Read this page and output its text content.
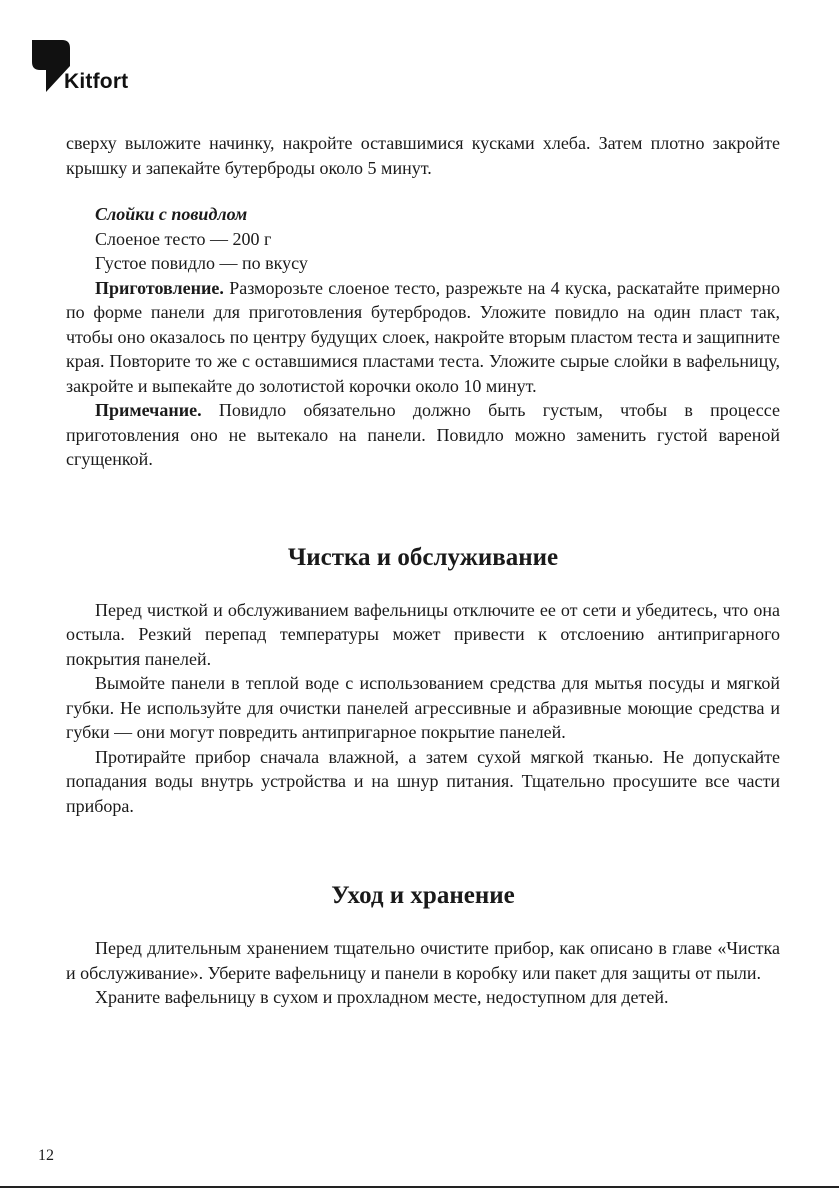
Kitfort

сверху выложите начинку, накройте оставшимися кусками хлеба. Затем плотно закройте крышку и запекайте бутерброды около 5 минут.

Слойки с повидлом

Слоеное тесто — 200 г

Густое повидло — по вкусу

Приготовление. Разморозьте слоеное тесто, разрежьте на 4 куска, раскатайте примерно по форме панели для приготовления бутербродов. Уложите повидло на один пласт так, чтобы оно оказалось по центру будущих слоек, накройте вторым пластом теста и защипните края. Повторите то же с оставшимися пластами теста. Уложите сырые слойки в вафельницу, закройте и выпекайте до золотистой корочки около 10 минут.

Примечание. Повидло обязательно должно быть густым, чтобы в процессе приготовления оно не вытекало на панели. Повидло можно заменить густой вареной сгущенкой.

Чистка и обслуживание

Перед чисткой и обслуживанием вафельницы отключите ее от сети и убедитесь, что она остыла. Резкий перепад температуры может привести к отслоению антипригарного покрытия панелей.

Вымойте панели в теплой воде с использованием средства для мытья посуды и мягкой губки. Не используйте для очистки панелей агрессивные и абразивные моющие средства и губки — они могут повредить антипригарное покрытие панелей.

Протирайте прибор сначала влажной, а затем сухой мягкой тканью. Не допускайте попадания воды внутрь устройства и на шнур питания. Тщательно просушите все части прибора.

Уход и хранение

Перед длительным хранением тщательно очистите прибор, как описано в главе «Чистка и обслуживание». Уберите вафельницу и панели в коробку или пакет для защиты от пыли.

Храните вафельницу в сухом и прохладном месте, недоступном для детей.

12
